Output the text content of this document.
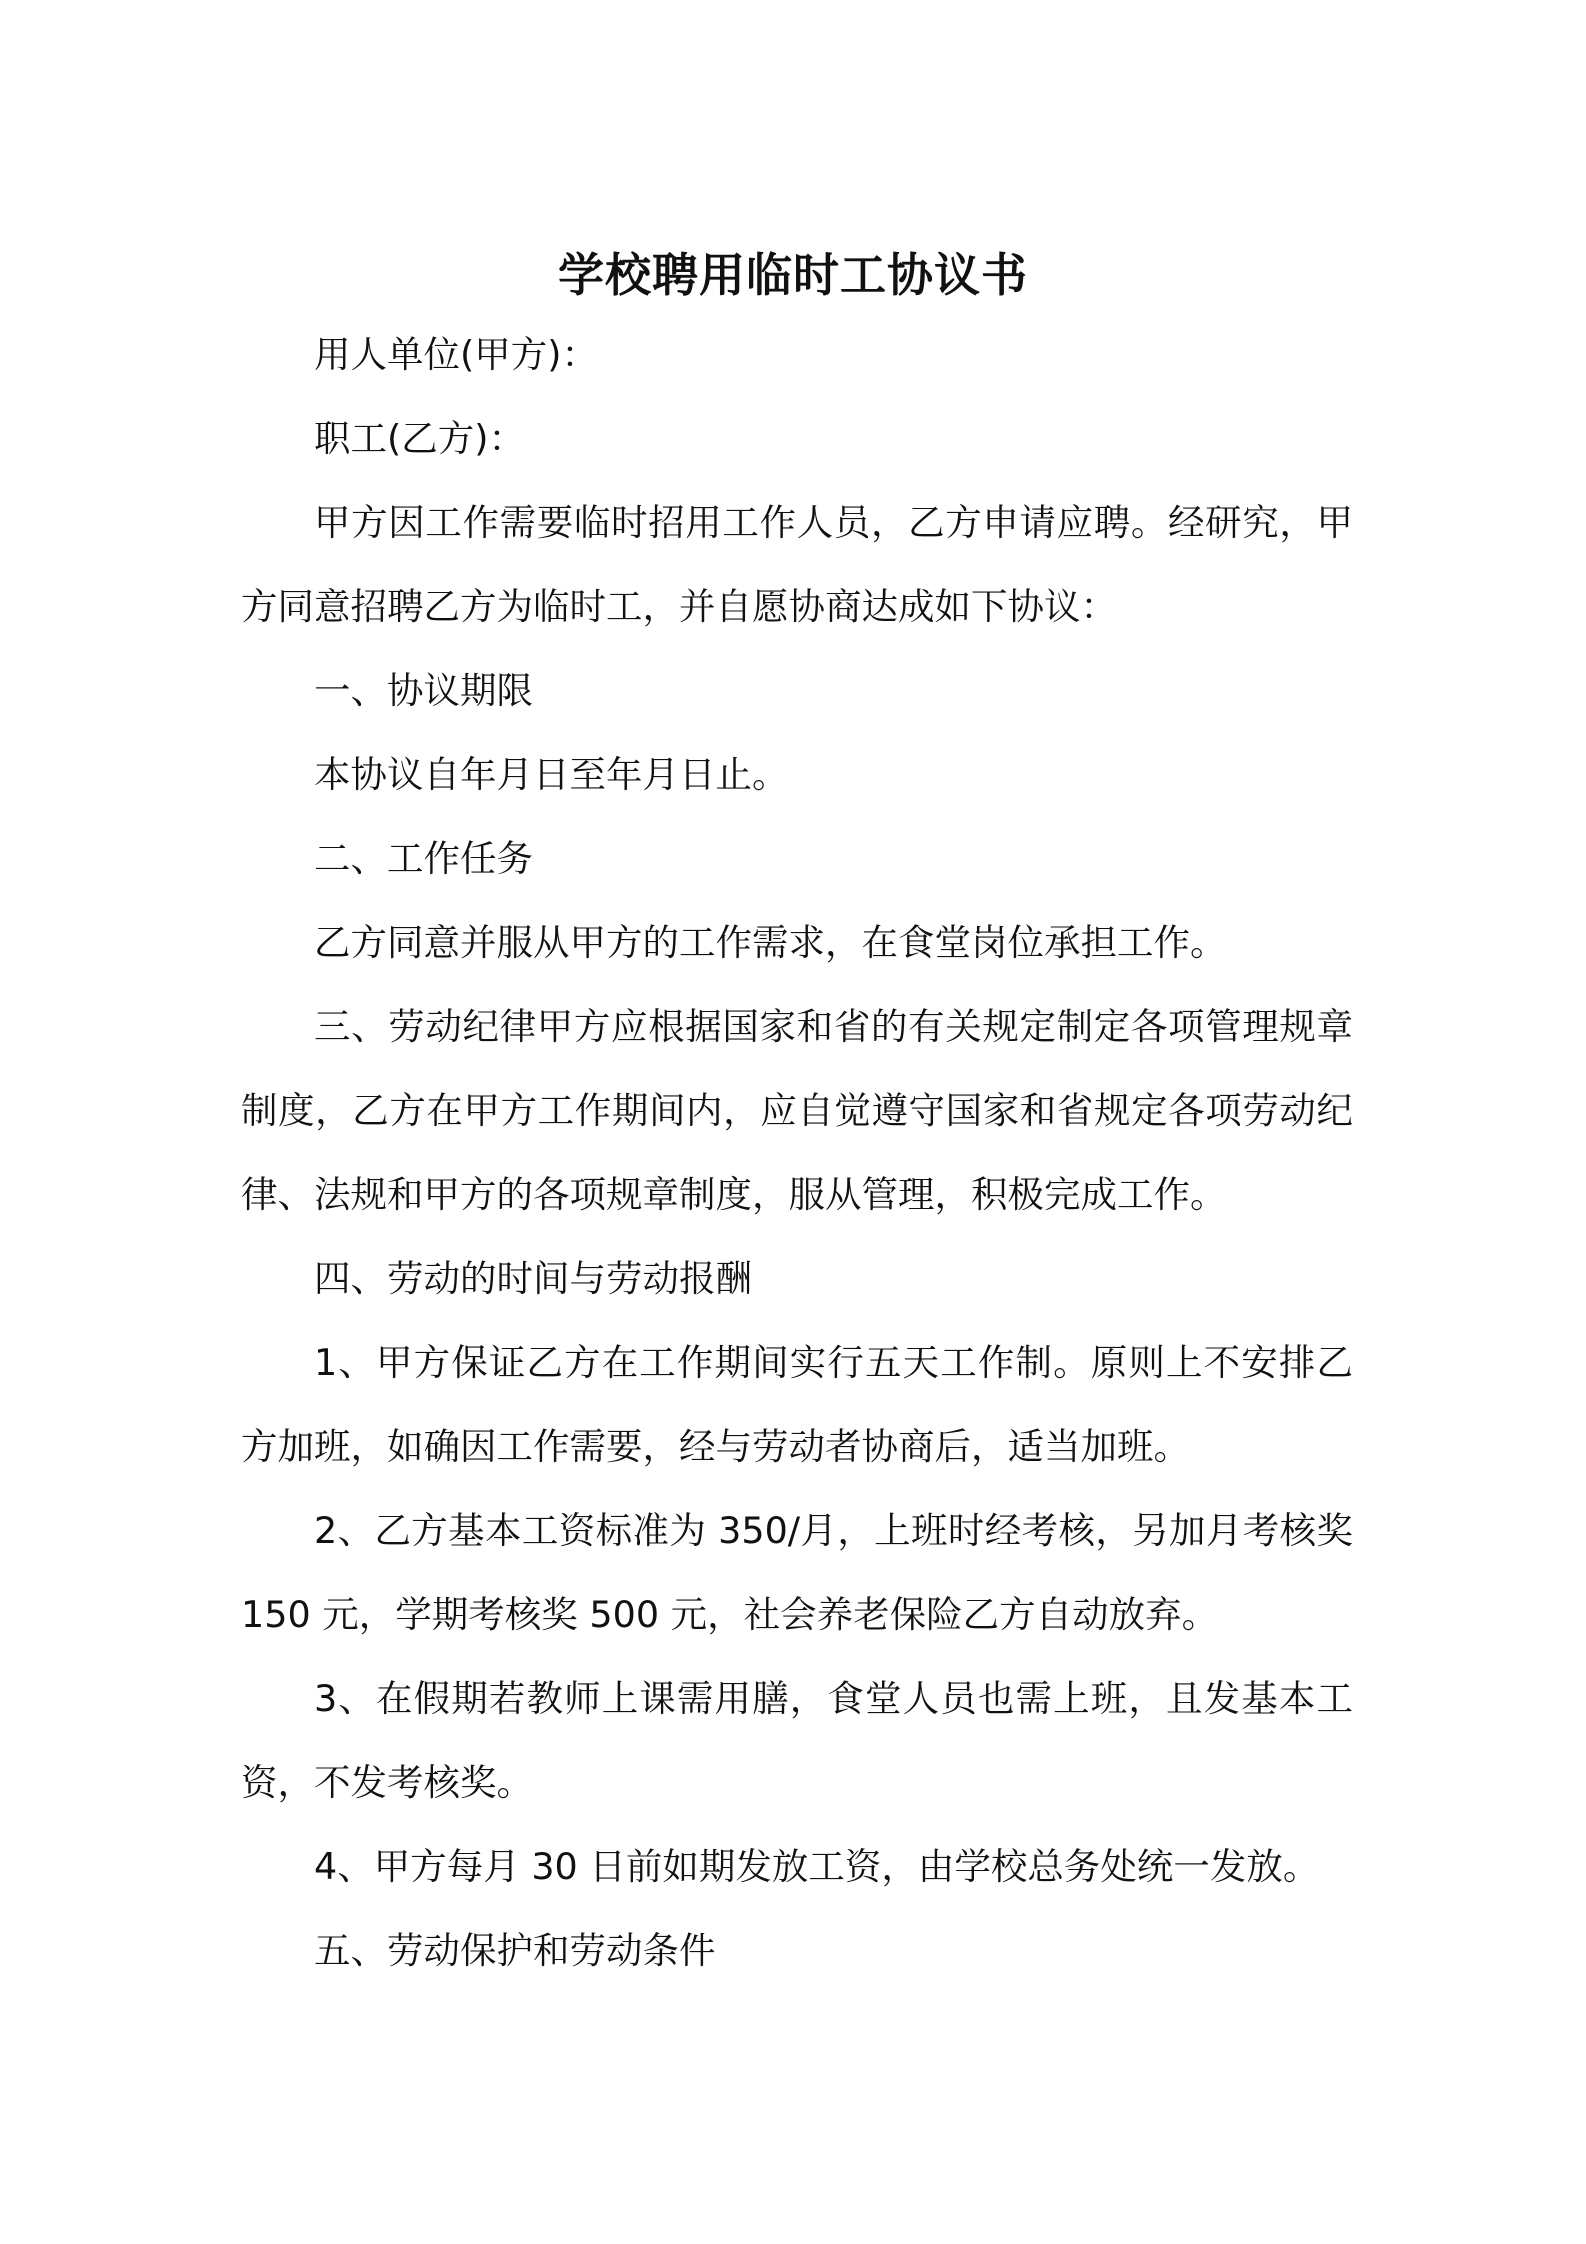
学校聘用临时工协议书

用人单位(甲方)：

职工(乙方)：

甲方因工作需要临时招用工作人员，乙方申请应聘。经研究，甲方同意招聘乙方为临时工，并自愿协商达成如下协议：

一、协议期限

本协议自年月日至年月日止。

二、工作任务

乙方同意并服从甲方的工作需求，在食堂岗位承担工作。

三、劳动纪律甲方应根据国家和省的有关规定制定各项管理规章制度，乙方在甲方工作期间内，应自觉遵守国家和省规定各项劳动纪律、法规和甲方的各项规章制度，服从管理，积极完成工作。

四、劳动的时间与劳动报酬

1、甲方保证乙方在工作期间实行五天工作制。原则上不安排乙方加班，如确因工作需要，经与劳动者协商后，适当加班。

2、乙方基本工资标准为 350/月，上班时经考核，另加月考核奖 150 元，学期考核奖 500 元，社会养老保险乙方自动放弃。

3、在假期若教师上课需用膳，食堂人员也需上班，且发基本工资，不发考核奖。

4、甲方每月 30 日前如期发放工资，由学校总务处统一发放。

五、劳动保护和劳动条件
